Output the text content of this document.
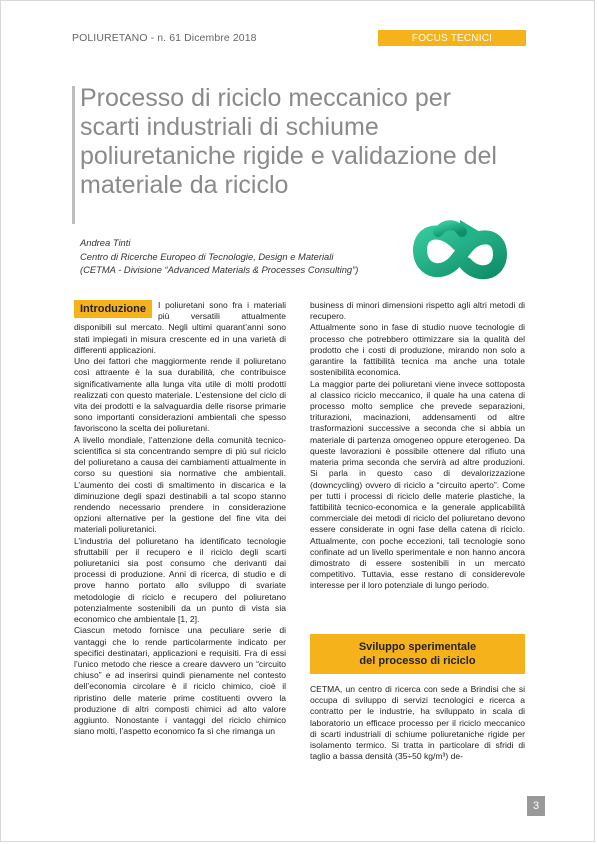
POLIURETANO - n. 61 Dicembre 2018	FOCUS TECNICI
Processo di riciclo meccanico per scarti industriali di schiume poliuretaniche rigide e validazione del materiale da riciclo
Andrea Tinti
Centro di Ricerche Europeo di Tecnologie, Design e Materiali
(CETMA - Divisione “Advanced Materials & Processes Consulting”)

Introduzione	I poliuretani sono fra i materiali più versatili attualmente disponibili sul mercato. Negli ultimi quarant’anni sono stati impiegati in misura crescente ed in una varietà di differenti applicazioni.

Uno dei fattori che maggiormente rende il poliuretano così attraente è la sua durabilità, che contribuisce significativamente alla lunga vita utile di molti prodotti realizzati con questo materiale. L’estensione del ciclo di vita dei prodotti e la salvaguardia delle risorse primarie sono importanti considerazioni ambientali che spesso favoriscono la scelta dei poliuretani.

A livello mondiale, l’attenzione della comunità tecnico-scientifica si sta concentrando sempre di più sul riciclo del poliuretano a causa dei cambiamenti attualmente in corso su questioni sia normative che ambientali. L’aumento dei costi di smaltimento in discarica e la diminuzione degli spazi destinabili a tal scopo stanno rendendo necessario prendere in considerazione opzioni alternative per la gestione del fine vita dei materiali poliuretanici.

L’industria del poliuretano ha identificato tecnologie sfruttabili per il recupero e il riciclo degli scarti poliuretanici sia post consumo che derivanti dai processi di produzione. Anni di ricerca, di studio e di prove hanno portato allo sviluppo di svariate metodologie di riciclo e recupero del poliuretano potenzialmente sostenibili da un punto di vista sia economico che ambientale [1, 2].

Ciascun metodo fornisce una peculiare serie di vantaggi che lo rende particolarmente indicato per specifici destinatari, applicazioni e requisiti. Fra di essi l’unico metodo che riesce a creare davvero un “circuito chiuso” e ad inserirsi quindi pienamente nel contesto dell’economia circolare è il riciclo chimico, cioè il ripristino delle materie prime costituenti ovvero la produzione di altri composti chimici ad alto valore aggiunto. Nonostante i vantaggi del riciclo chimico siano molti, l’aspetto economico fa sì che rimanga un

business di minori dimensioni rispetto agli altri metodi di recupero.

Attualmente sono in fase di studio nuove tecnologie di processo che potrebbero ottimizzare sia la qualità del prodotto che i costi di produzione, mirando non solo a garantire la fattibilità tecnica ma anche una totale sostenibilità economica.

La maggior parte dei poliuretani viene invece sottoposta al classico riciclo meccanico, il quale ha una catena di processo molto semplice che prevede separazioni, triturazioni, macinazioni, addensamenti od altre trasformazioni successive a seconda che si abbia un materiale di partenza omogeneo oppure eterogeneo. Da queste lavorazioni è possibile ottenere dal rifiuto una materia prima seconda che servirà ad altre produzioni. Si parla in questo caso di devalorizzazione (downcycling) ovvero di riciclo a “circuito aperto”. Come per tutti i processi di riciclo delle materie plastiche, la fattibilità tecnico-economica e la generale applicabilità commerciale dei metodi di riciclo del poliuretano devono essere considerate in ogni fase della catena di riciclo. Attualmente, con poche eccezioni, tali tecnologie sono confinate ad un livello sperimentale e non hanno ancora dimostrato di essere sostenibili in un mercato competitivo. Tuttavia, esse restano di considerevole interesse per il loro potenziale di lungo periodo.

Sviluppo sperimentale
del processo di riciclo

CETMA, un centro di ricerca con sede a Brindisi che si occupa di sviluppo di servizi tecnologici e ricerca a contratto per le industrie, ha sviluppato in scala di laboratorio un efficace processo per il riciclo meccanico di scarti industriali di schiume poliuretaniche rigide per isolamento termico. Si tratta in particolare di sfridi di taglio a bassa densità (35÷50 kg/m³) de-

3
